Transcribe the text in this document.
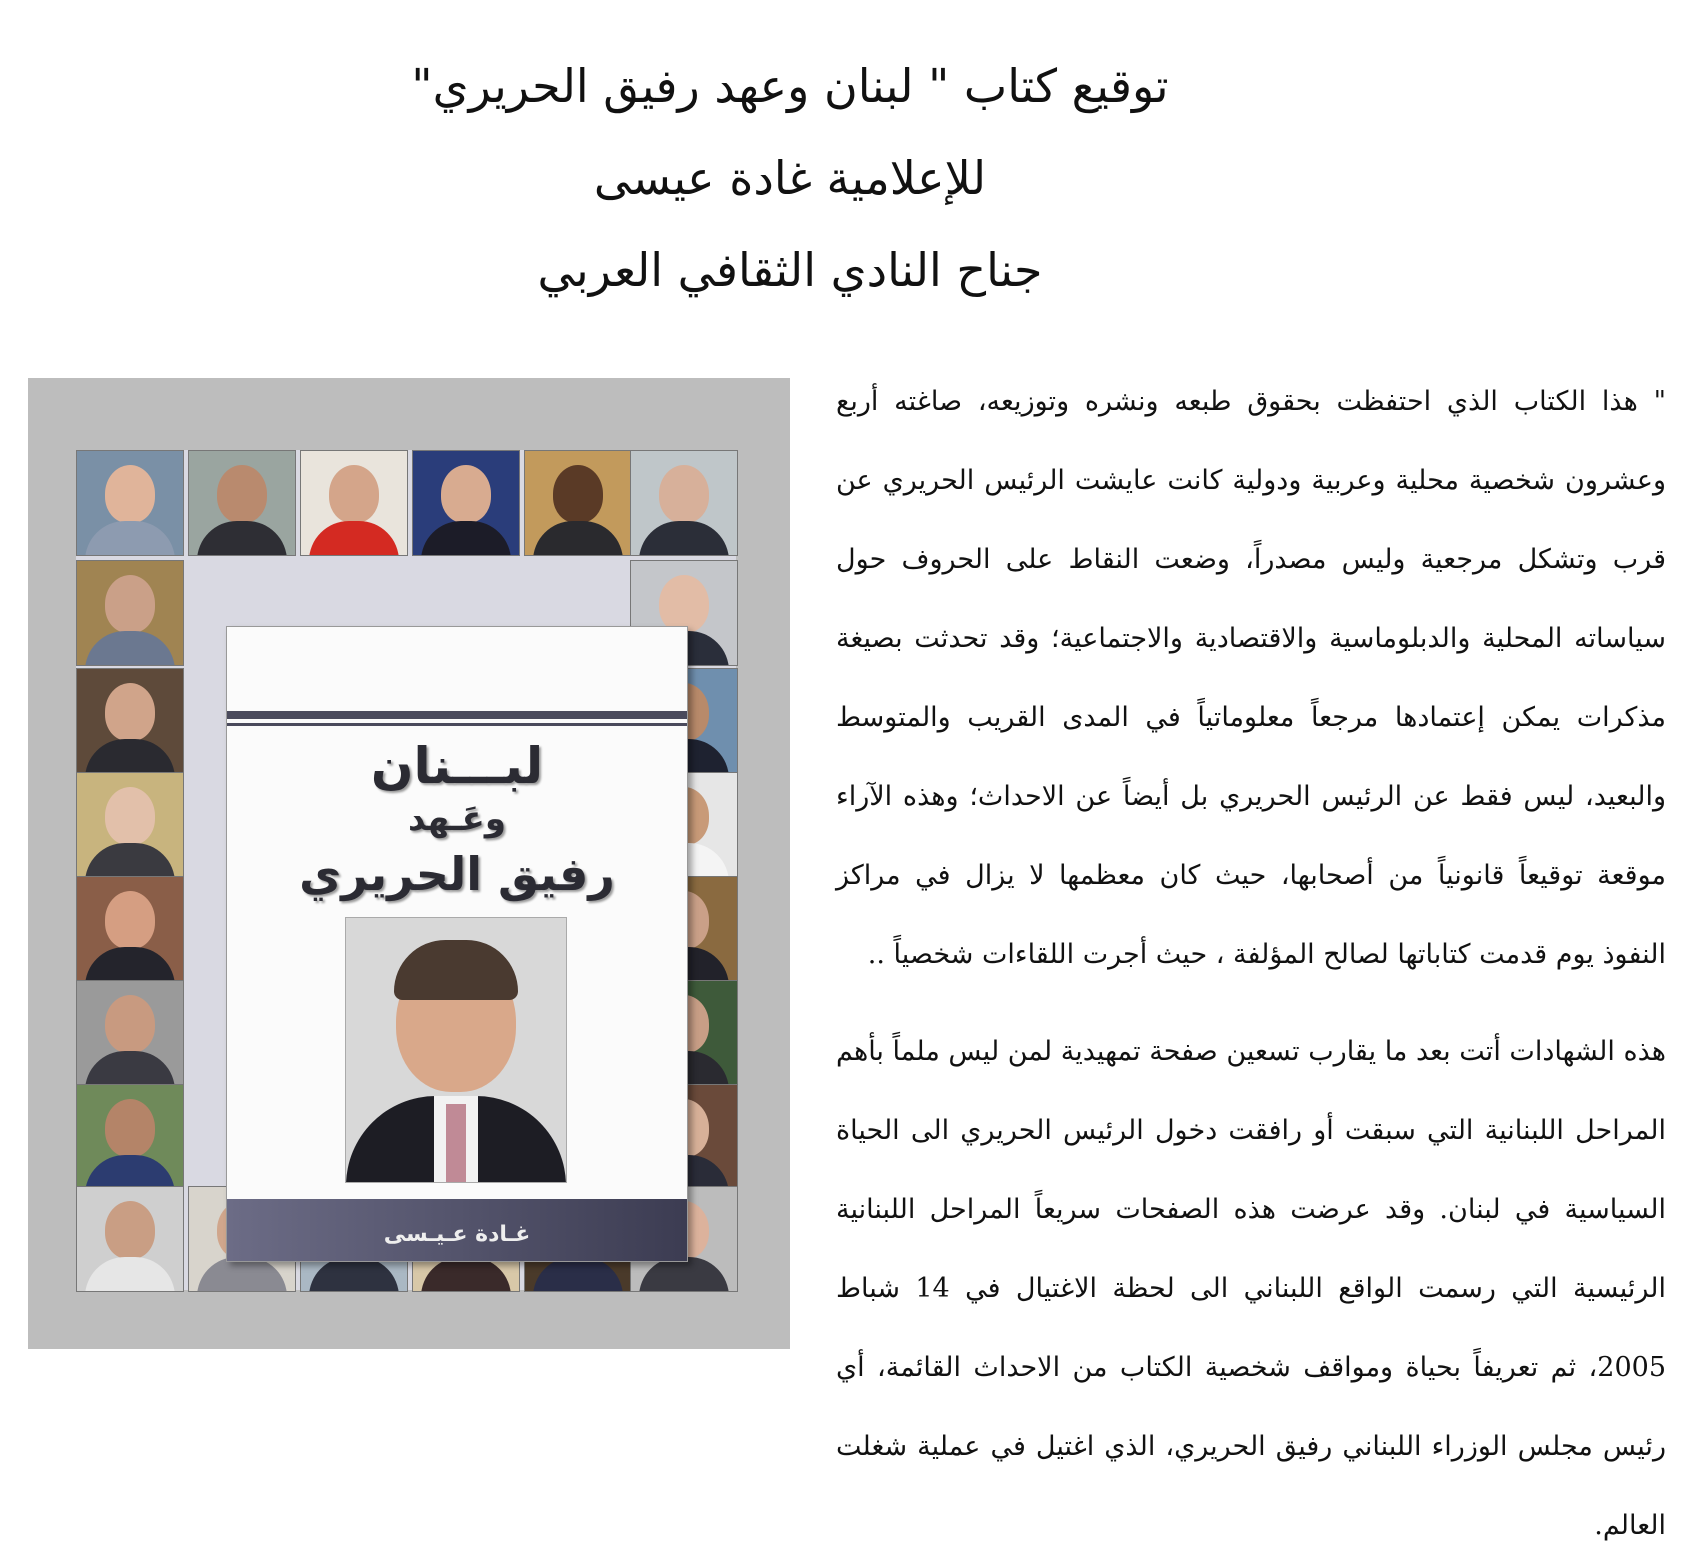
توقيع كتاب " لبنان وعهد رفيق الحريري"
للإعلامية غادة عيسى
جناح النادي الثقافي العربي
لبـــنان
وعَـهد
رفيق الحريري
غـادة عـيـسى

" هذا الكتاب الذي احتفظت بحقوق طبعه ونشره وتوزيعه، صاغته أربع وعشرون شخصية محلية وعربية ودولية كانت عايشت الرئيس الحريري عن قرب وتشكل مرجعية وليس مصدراً، وضعت النقاط على الحروف حول سياساته المحلية والدبلوماسية والاقتصادية والاجتماعية؛ وقد تحدثت بصيغة مذكرات يمكن إعتمادها مرجعاً معلوماتياً في المدى القريب والمتوسط والبعيد، ليس فقط عن الرئيس الحريري بل أيضاً عن الاحداث؛ وهذه الآراء موقعة توقيعاً قانونياً من أصحابها، حيث كان معظمها لا يزال في مراكز النفوذ يوم قدمت كتاباتها لصالح المؤلفة ، حيث أجرت اللقاءات شخصياً ..

هذه الشهادات أتت بعد ما يقارب تسعين صفحة تمهيدية لمن ليس ملماً بأهم المراحل اللبنانية التي سبقت أو رافقت دخول الرئيس الحريري الى الحياة السياسية في لبنان. وقد عرضت هذه الصفحات سريعاً المراحل اللبنانية الرئيسية التي رسمت الواقع اللبناني الى لحظة الاغتيال في 14 شباط 2005، ثم تعريفاً بحياة ومواقف شخصية الكتاب من الاحداث القائمة، أي رئيس مجلس الوزراء اللبناني رفيق الحريري، الذي اغتيل في عملية شغلت العالم.
